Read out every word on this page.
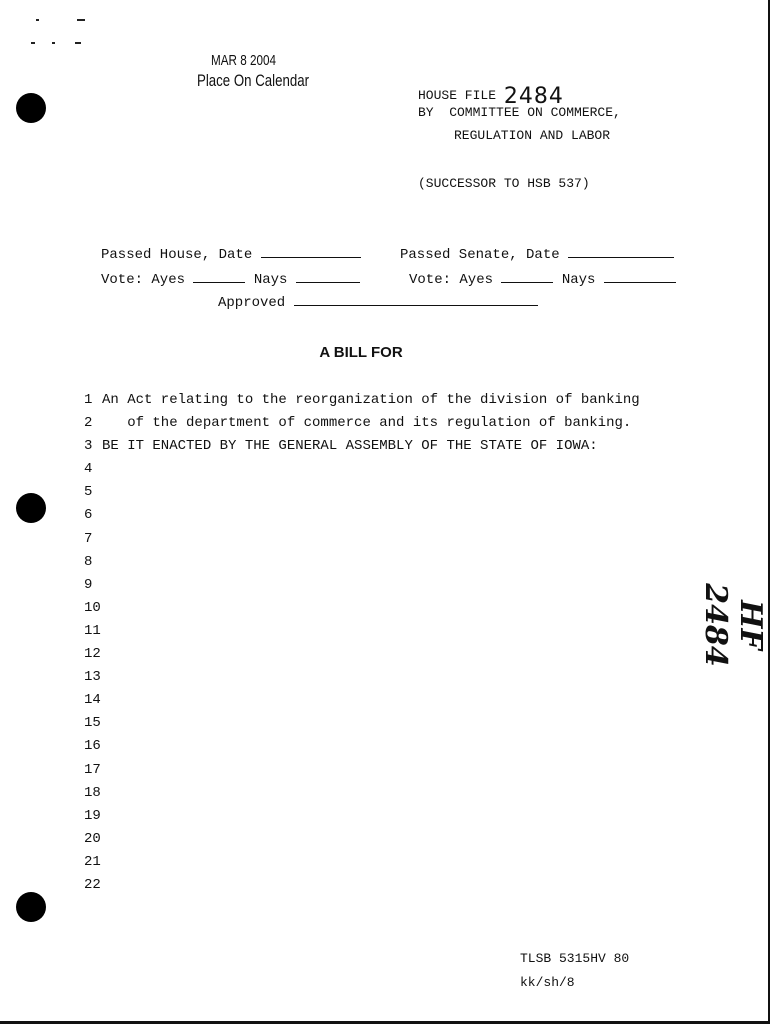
MAR 8 2004
Place On Calendar
HOUSE FILE 2484
BY  COMMITTEE ON COMMERCE,
REGULATION AND LABOR
(SUCCESSOR TO HSB 537)
Passed House, Date	Passed Senate, Date
Vote: Ayes	Nays	Vote: Ayes	Nays
Approved
A BILL FOR
1 An Act relating to the reorganization of the division of banking
2   of the department of commerce and its regulation of banking.
3 BE IT ENACTED BY THE GENERAL ASSEMBLY OF THE STATE OF IOWA:
4
5
6
7
8
9
10
11
12
13
14
15
16
17
18
19
20
21
22
HF 2484
TLSB 5315HV 80
kk/sh/8
